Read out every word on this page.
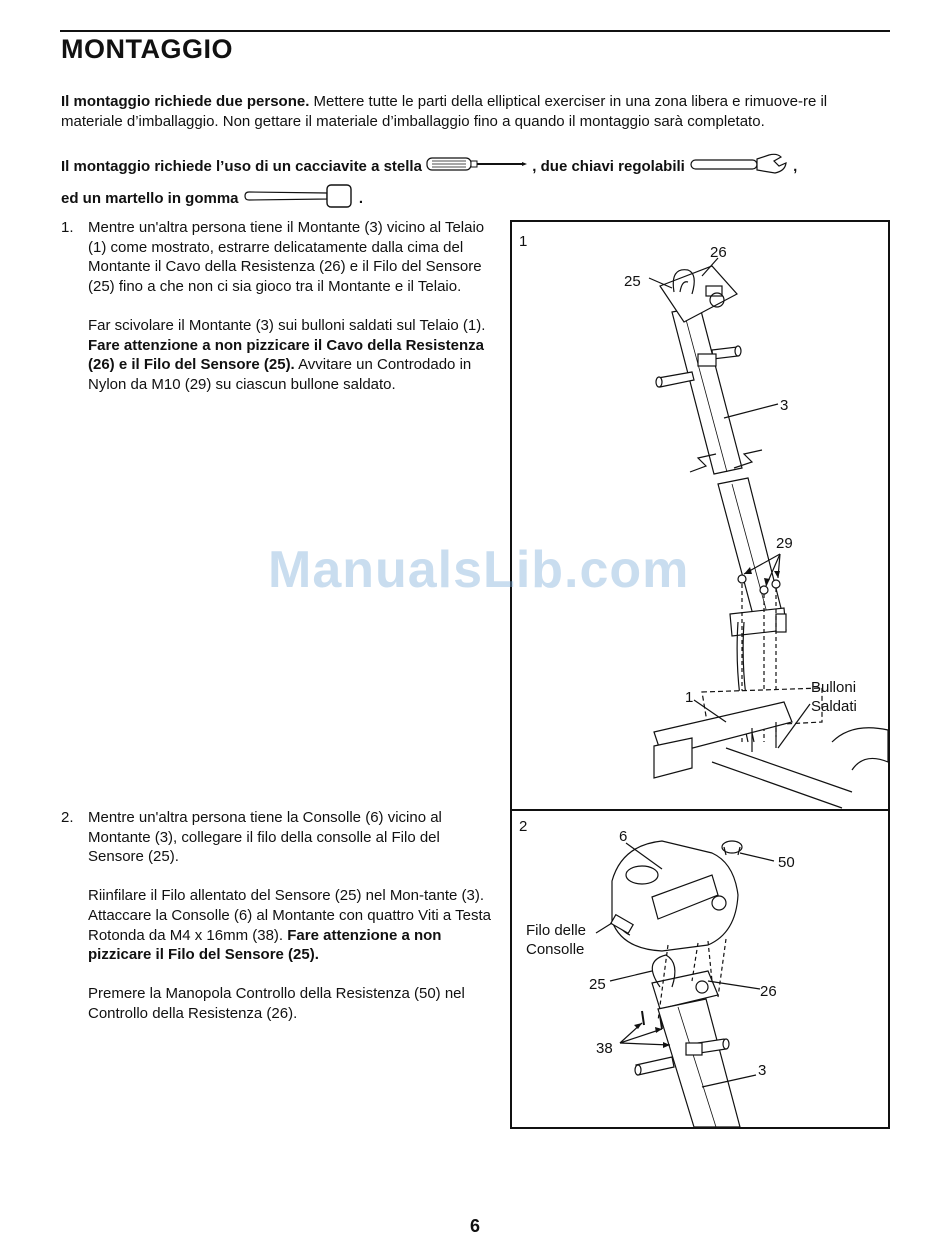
MONTAGGIO
Il montaggio richiede due persone. Mettere tutte le parti della elliptical exerciser in una zona libera e rimuove-re il materiale d’imballaggio. Non gettare il materiale d’imballaggio fino a quando il montaggio sarà completato.
Il montaggio richiede l’uso di un cacciavite a stella	, due chiavi regolabili	,
ed un martello in gomma	.
1. Mentre un'altra persona tiene il Montante (3) vicino al Telaio (1) come mostrato, estrarre delicatamente dalla cima del Montante il Cavo della Resistenza (26) e il Filo del Sensore (25) fino a che non ci sia gioco tra il Montante e il Telaio.

Far scivolare il Montante (3) sui bulloni saldati sul Telaio (1). Fare attenzione a non pizzicare il Cavo della Resistenza (26) e il Filo del Sensore (25). Avvitare un Controdado in Nylon da M10 (29) su ciascun bullone saldato.

2. Mentre un'altra persona tiene la Consolle (6) vicino al Montante (3), collegare il filo della consolle al Filo del Sensore (25).

Riinfilare il Filo allentato del Sensore (25) nel Mon-tante (3). Attaccare la Consolle (6) al Montante con quattro Viti a Testa Rotonda da M4 x 16mm (38). Fare attenzione a non pizzicare il Filo del Sensore (25).

Premere la Manopola Controllo della Resistenza (50) nel Controllo della Resistenza (26).

1
26
25
3
29
1
Bulloni
Saldati
2
6
50
Filo delle
Consolle
25	26
38
3
ManualsLib.com
6
